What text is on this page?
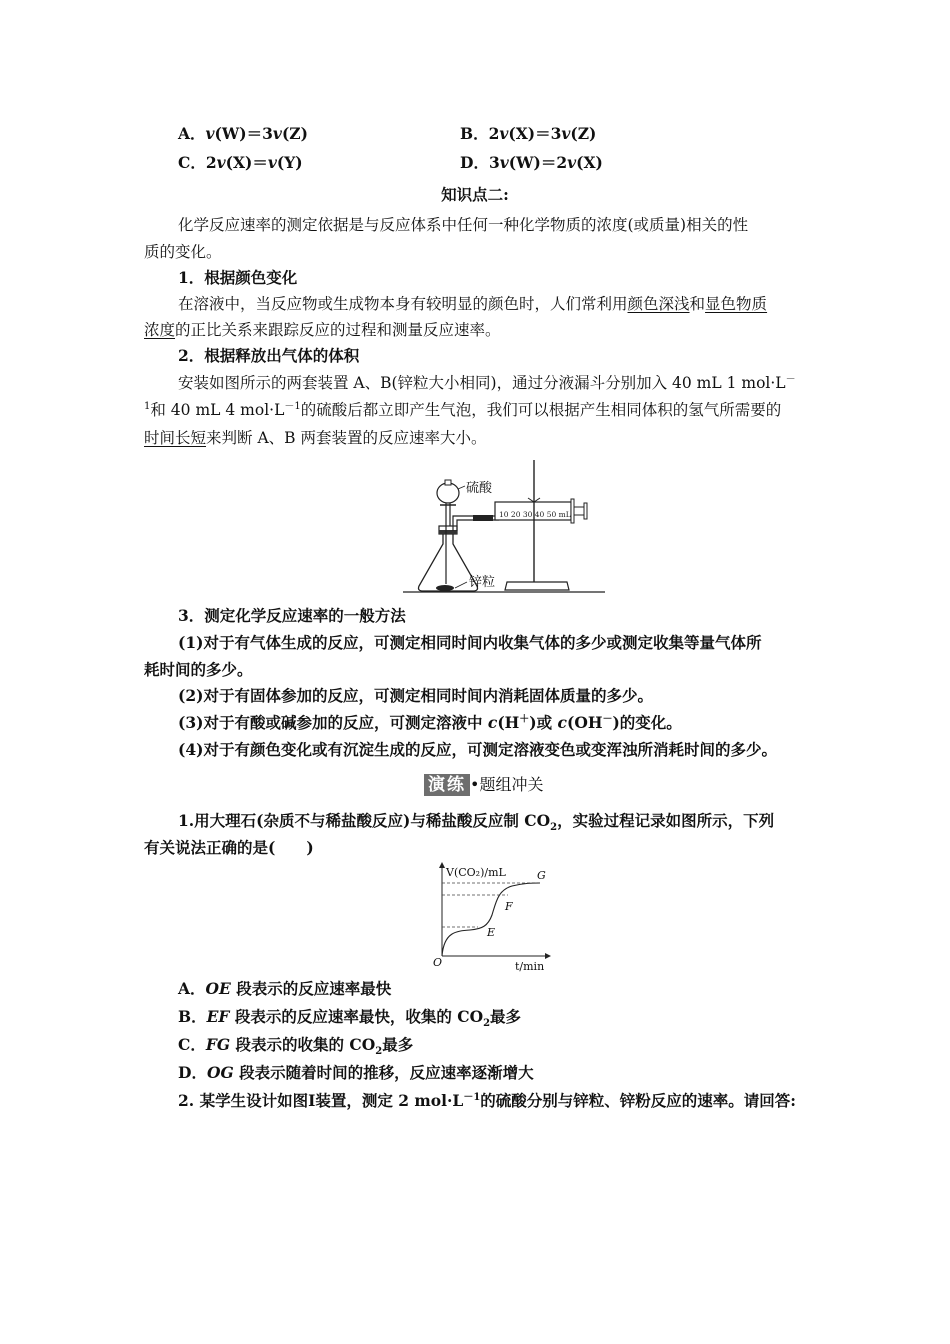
A．v(W)＝3v(Z)	B．2v(X)＝3v(Z)
C．2v(X)＝v(Y)	D．3v(W)＝2v(X)
知识点二:
化学反应速率的测定依据是与反应体系中任何一种化学物质的浓度(或质量)相关的性
质的变化。
1．根据颜色变化
在溶液中，当反应物或生成物本身有较明显的颜色时，人们常利用颜色深浅和显色物质
浓度的正比关系来跟踪反应的过程和测量反应速率。
2．根据释放出气体的体积
安装如图所示的两套装置 A、B(锌粒大小相同)，通过分液漏斗分别加入 40 mL 1 mol·L－
$^1$和 40 mL 4 $mol\cdot L^{-1}$的硫酸后都立即产生气泡，我们可以根据产生相同体积的氢气所需要的
时间长短来判断 A、B 两套装置的反应速率大小。
10 20 30 40 50 mL
硫酸
锌粒
3．测定化学反应速率的一般方法
(1)对于有气体生成的反应，可测定相同时间内收集气体的多少或测定收集等量气体所
耗时间的多少。
(2)对于有固体参加的反应，可测定相同时间内消耗固体质量的多少。
(3)对于有酸或碱参加的反应，可测定溶液中 c(H＋)或 c(OH－)的变化。
(4)对于有颜色变化或有沉淀生成的反应，可测定溶液变色或变浑浊所消耗时间的多少。
演练 •题组冲关
1.用大理石(杂质不与稀盐酸反应)与稀盐酸反应制 $CO_2$，实验过程记录如图所示，下列
有关说法正确的是(　　)
V(CO₂)/mL
t/min
O
E
F
G
A．OE 段表示的反应速率最快
B．EF 段表示的反应速率最快，收集的 $CO_2$最多
C．FG 段表示的收集的 $CO_2$最多
D．OG 段表示随着时间的推移，反应速率逐渐增大
2. 某学生设计如图Ⅰ装置，测定 2 $mol\cdot L^{-1}$的硫酸分别与锌粒、锌粉反应的速率。请回答:
